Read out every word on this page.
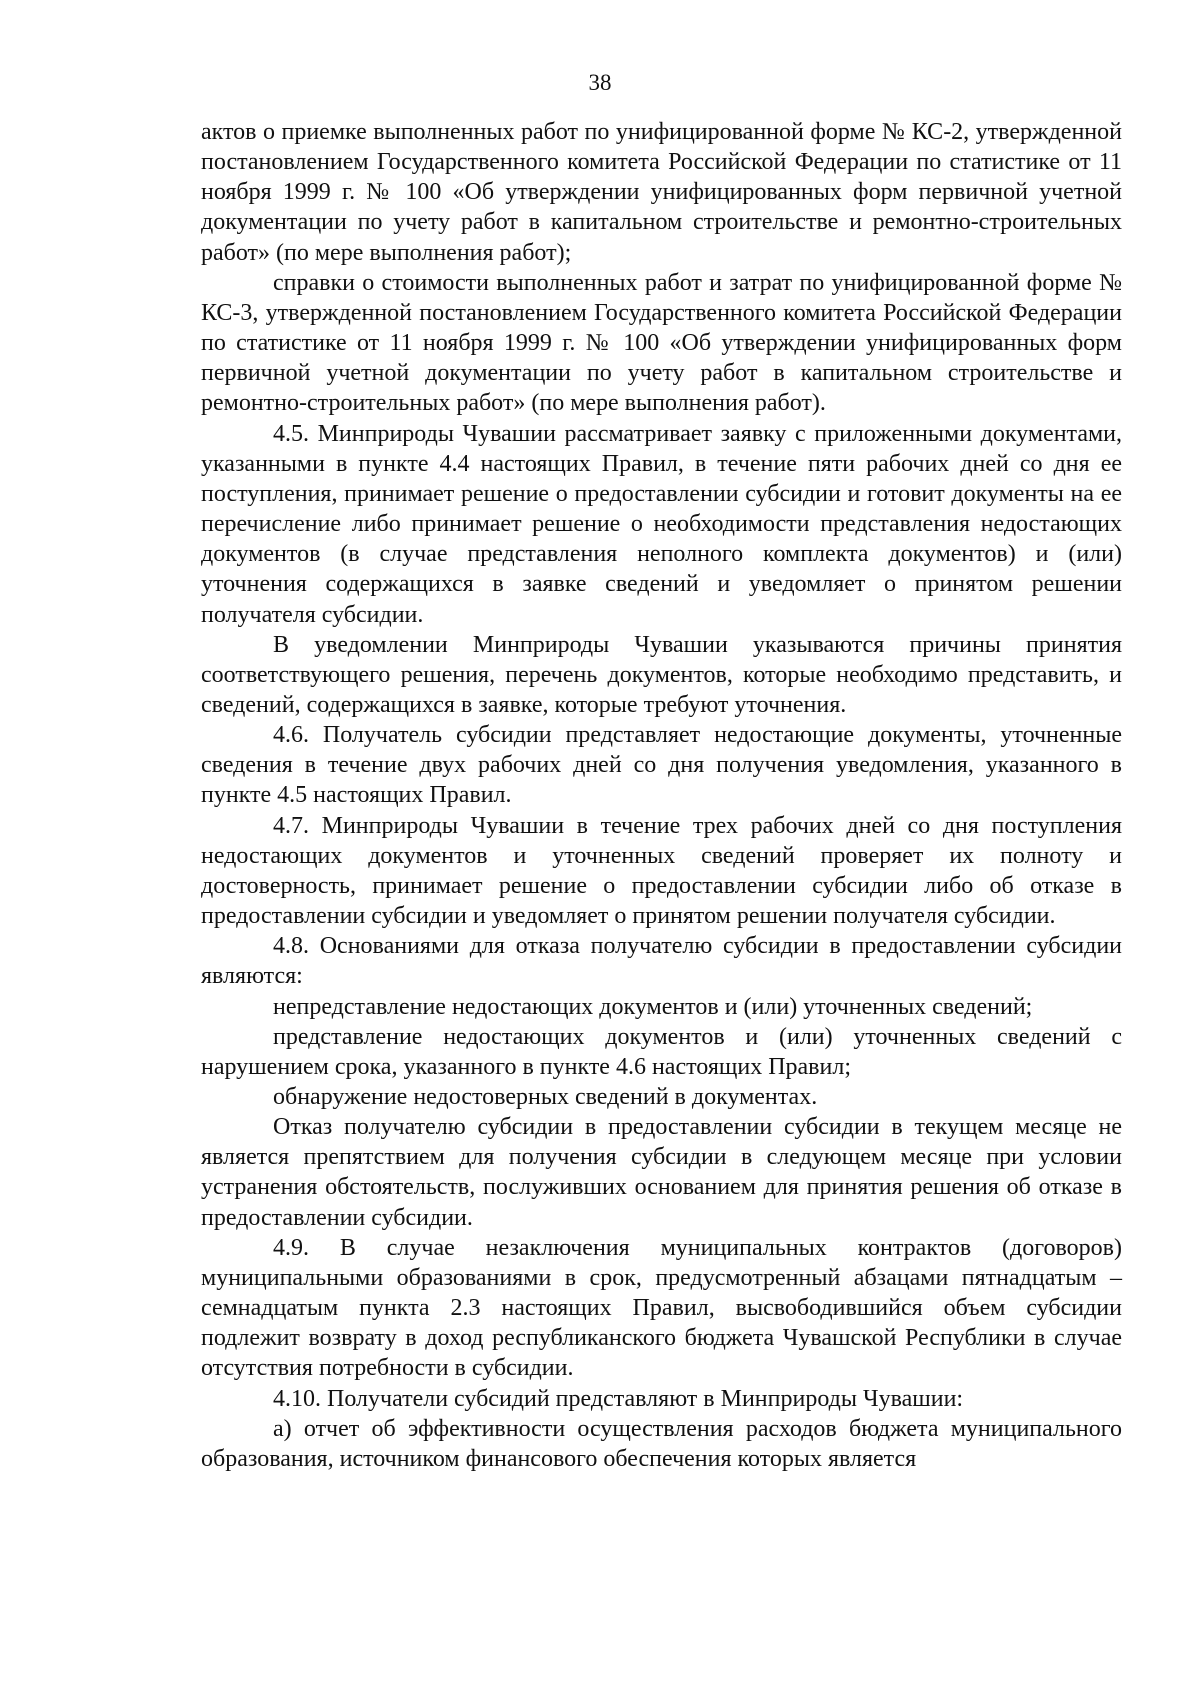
38

актов о приемке выполненных работ по унифицированной форме № КС-2, утвержденной постановлением Государственного комитета Российской Федерации по статистике от 11 ноября 1999 г. № 100 «Об утверждении унифицированных форм первичной учетной документации по учету работ в капитальном строительстве и ремонтно-строительных работ» (по мере выполнения работ);

справки о стоимости выполненных работ и затрат по унифицированной форме № КС-3, утвержденной постановлением Государственного комитета Российской Федерации по статистике от 11 ноября 1999 г. № 100 «Об утверждении унифицированных форм первичной учетной документации по учету работ в капитальном строительстве и ремонтно-строительных работ» (по мере выполнения работ).

4.5. Минприроды Чувашии рассматривает заявку с приложенными документами, указанными в пункте 4.4 настоящих Правил, в течение пяти рабочих дней со дня ее поступления, принимает решение о предоставлении субсидии и готовит документы на ее перечисление либо принимает решение о необходимости представления недостающих документов (в случае представления неполного комплекта документов) и (или) уточнения содержащихся в заявке сведений и уведомляет о принятом решении получателя субсидии.

В уведомлении Минприроды Чувашии указываются причины принятия соответствующего решения, перечень документов, которые необходимо представить, и сведений, содержащихся в заявке, которые требуют уточнения.

4.6. Получатель субсидии представляет недостающие документы, уточненные сведения в течение двух рабочих дней со дня получения уведомления, указанного в пункте 4.5 настоящих Правил.

4.7. Минприроды Чувашии в течение трех рабочих дней со дня поступления недостающих документов и уточненных сведений проверяет их полноту и достоверность, принимает решение о предоставлении субсидии либо об отказе в предоставлении субсидии и уведомляет о принятом решении получателя субсидии.

4.8. Основаниями для отказа получателю субсидии в предоставлении субсидии являются:

непредставление недостающих документов и (или) уточненных сведений;

представление недостающих документов и (или) уточненных сведений с нарушением срока, указанного в пункте 4.6 настоящих Правил;

обнаружение недостоверных сведений в документах.

Отказ получателю субсидии в предоставлении субсидии в текущем месяце не является препятствием для получения субсидии в следующем месяце при условии устранения обстоятельств, послуживших основанием для принятия решения об отказе в предоставлении субсидии.

4.9. В случае незаключения муниципальных контрактов (договоров) муниципальными образованиями в срок, предусмотренный абзацами пятнадцатым – семнадцатым пункта 2.3 настоящих Правил, высвободившийся объем субсидии подлежит возврату в доход республиканского бюджета Чувашской Республики в случае отсутствия потребности в субсидии.

4.10. Получатели субсидий представляют в Минприроды Чувашии:

а) отчет об эффективности осуществления расходов бюджета муниципального образования, источником финансового обеспечения которых является
